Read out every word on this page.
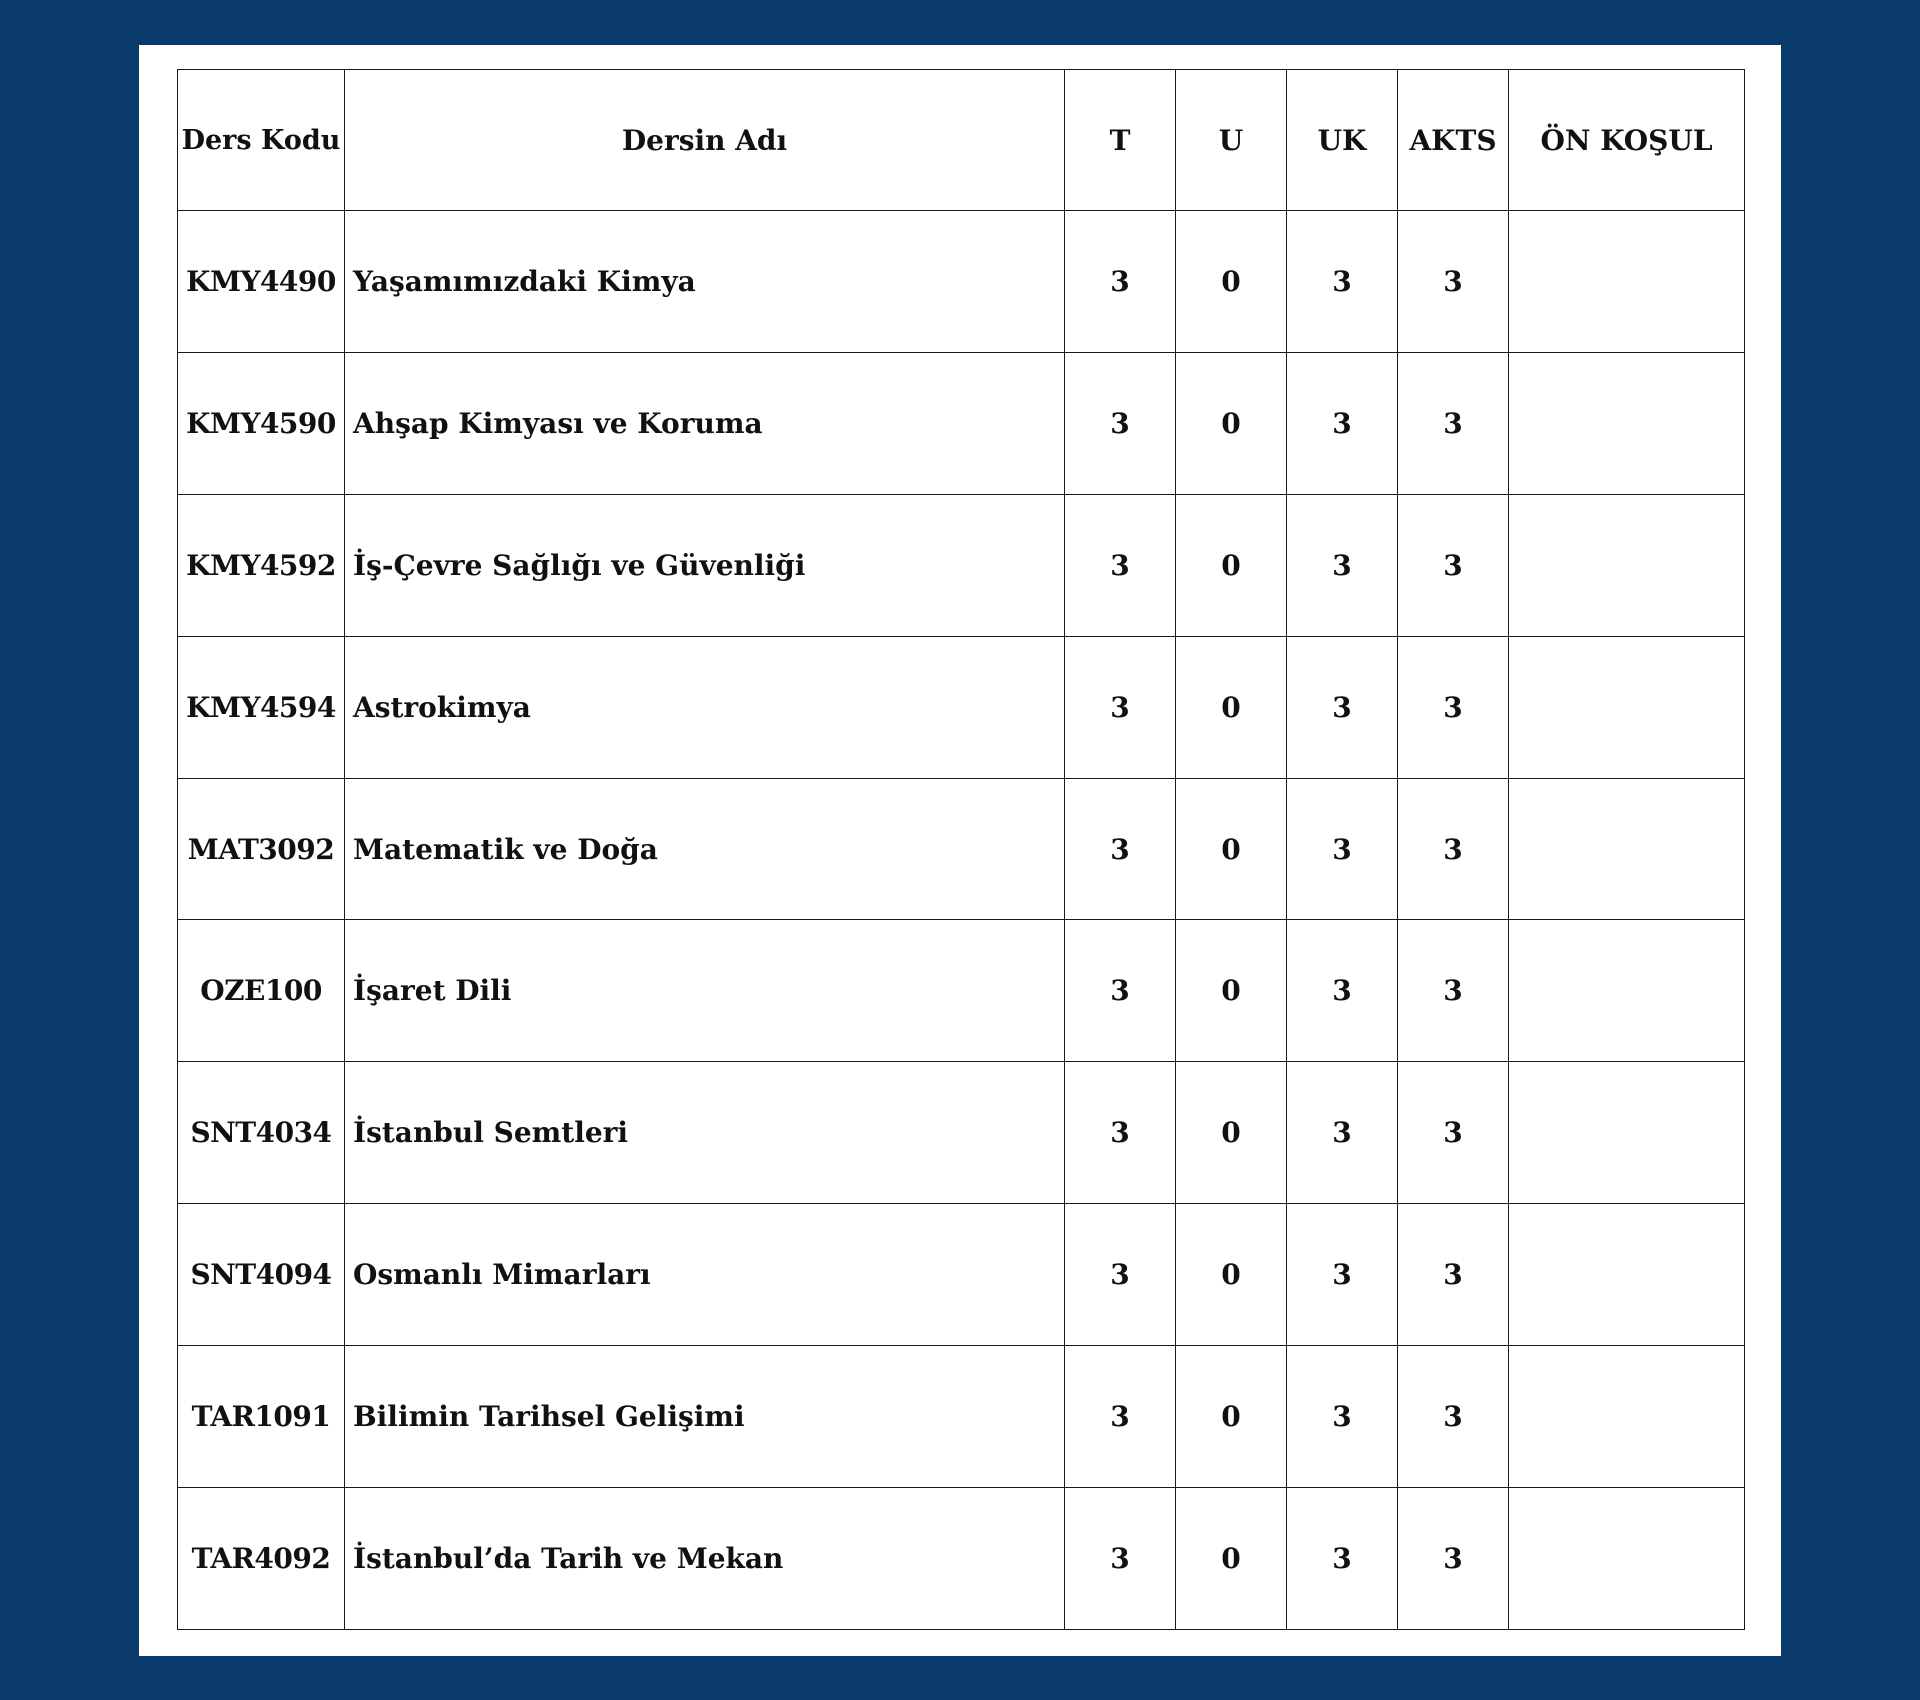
Ders Kodu	Dersin Adı	T	U	UK	AKTS	ÖN KOŞUL
KMY4490	Yaşamımızdaki Kimya	3	0	3	3	
KMY4590	Ahşap Kimyası ve Koruma	3	0	3	3	
KMY4592	İş-Çevre Sağlığı ve Güvenliği	3	0	3	3	
KMY4594	Astrokimya	3	0	3	3	
MAT3092	Matematik ve Doğa	3	0	3	3	
OZE100	İşaret Dili	3	0	3	3	
SNT4034	İstanbul Semtleri	3	0	3	3	
SNT4094	Osmanlı Mimarları	3	0	3	3	
TAR1091	Bilimin Tarihsel Gelişimi	3	0	3	3	
TAR4092	İstanbul’da Tarih ve Mekan	3	0	3	3	
